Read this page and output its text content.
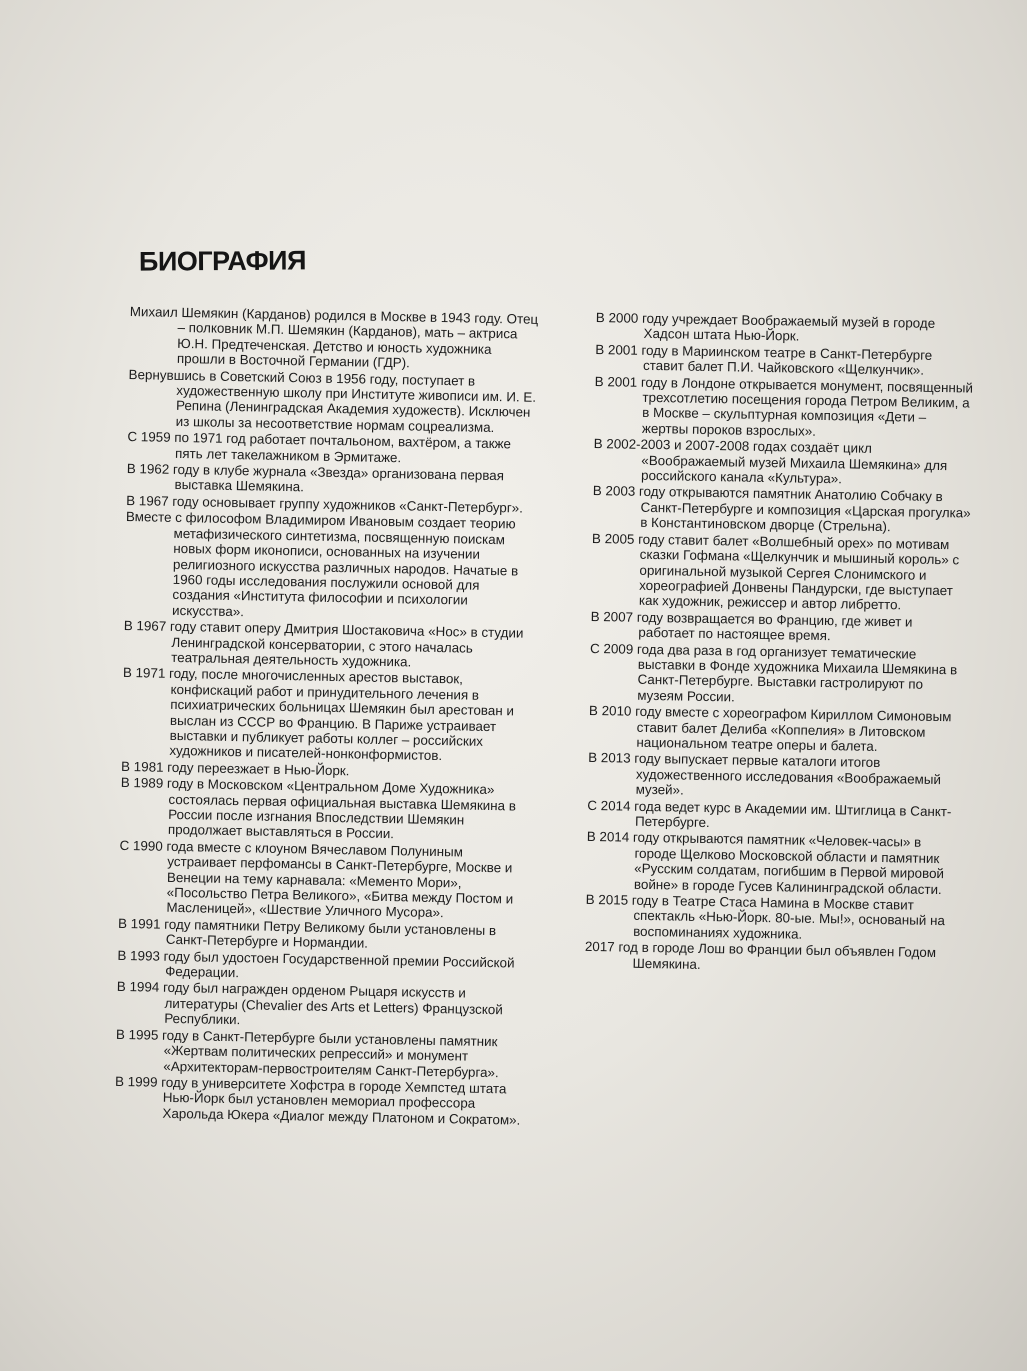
БИОГРАФИЯ
Михаил Шемякин (Карданов) родился в Москве в 1943 году. Отец – полковник М.П. Шемякин (Карданов), мать – актриса Ю.Н. Предтеченская. Детство и юность художника прошли в Восточной Германии (ГДР).
Вернувшись в Советский Союз в 1956 году, поступает в художественную школу при Институте живописи им. И. Е. Репина (Ленинградская Академия художеств). Исключен из школы за несоответствие нормам соцреализма.
С 1959 по 1971 год работает почтальоном, вахтёром, а также пять лет такелажником в Эрмитаже.
В 1962 году в клубе журнала «Звезда» организована первая выставка Шемякина.
В 1967 году основывает группу художников «Санкт-Петербург».
Вместе с философом Владимиром Ивановым создает теорию метафизического синтетизма, посвященную поискам новых форм иконописи, основанных на изучении религиозного искусства различных народов. Начатые в 1960 годы исследования послужили основой для создания «Института философии и психологии искусства».
В 1967 году ставит оперу Дмитрия Шостаковича «Нос» в студии Ленинградской консерватории, с этого началась театральная деятельность художника.
В 1971 году, после многочисленных арестов выставок, конфискаций работ и принудительного лечения в психиатрических больницах Шемякин был арестован и выслан из СССР во Францию. В Париже устраивает выставки и публикует работы коллег – российских художников и писателей-нонконформистов.
В 1981 году переезжает в Нью-Йорк.
В 1989 году в Московском «Центральном Доме Художника» состоялась первая официальная выставка Шемякина в России после изгнания Впоследствии Шемякин продолжает выставляться в России.
С 1990 года вместе с клоуном Вячеславом Полуниным устраивает перфомансы в Санкт-Петербурге, Москве и Венеции на тему карнавала: «Мементо Мори», «Посольство Петра Великого», «Битва между Постом и Масленицей», «Шествие Уличного Мусора».
В 1991 году памятники Петру Великому были установлены в Санкт-Петербурге и Нормандии.
В 1993 году был удостоен Государственной премии Российской Федерации.
В 1994 году был награжден орденом Рыцаря искусств и литературы (Chevalier des Arts et Letters) Французской Республики.
В 1995 году в Санкт-Петербурге были установлены памятник «Жертвам политических репрессий» и монумент «Архитекторам-первостроителям Санкт-Петербурга».
В 1999 году в университете Хофстра в городе Хемпстед штата Нью-Йорк был установлен мемориал профессора Харольда Юкера «Диалог между Платоном и Сократом».
В 2000 году учреждает Воображаемый музей в городе Хадсон штата Нью-Йорк.
В 2001 году в Мариинском театре в Санкт-Петербурге ставит балет П.И. Чайковского «Щелкунчик».
В 2001 году в Лондоне открывается монумент, посвященный трехсотлетию посещения города Петром Великим, а в Москве – скульптурная композиция «Дети – жертвы пороков взрослых».
В 2002-2003 и 2007-2008 годах создаёт цикл «Воображаемый музей Михаила Шемякина» для российского канала «Культура».
В 2003 году открываются памятник Анатолию Собчаку в Санкт-Петербурге и композиция «Царская прогулка» в Константиновском дворце (Стрельна).
В 2005 году ставит балет «Волшебный орех» по мотивам сказки Гофмана «Щелкунчик и мышиный король» с оригинальной музыкой Сергея Слонимского и хореографией Донвены Пандурски, где выступает как художник, режиссер и автор либретто.
В 2007 году возвращается во Францию, где живет и работает по настоящее время.
С 2009 года два раза в год организует тематические выставки в Фонде художника Михаила Шемякина в Санкт-Петербурге. Выставки гастролируют по музеям России.
В 2010 году вместе с хореографом Кириллом Симоновым ставит балет Делиба «Коппелия» в Литовском национальном театре оперы и балета.
В 2013 году выпускает первые каталоги итогов художественного исследования «Воображаемый музей».
С 2014 года ведет курс в Академии им. Штиглица в Санкт-Петербурге.
В 2014 году открываются памятник «Человек-часы» в городе Щелково Московской области и памятник «Русским солдатам, погибшим в Первой мировой войне» в городе Гусев Калининградской области.
В 2015 году в Театре Стаса Намина в Москве ставит спектакль «Нью-Йорк. 80-ые. Мы!», основаный на воспоминаниях художника.
2017 год в городе Лош во Франции был объявлен Годом Шемякина.
